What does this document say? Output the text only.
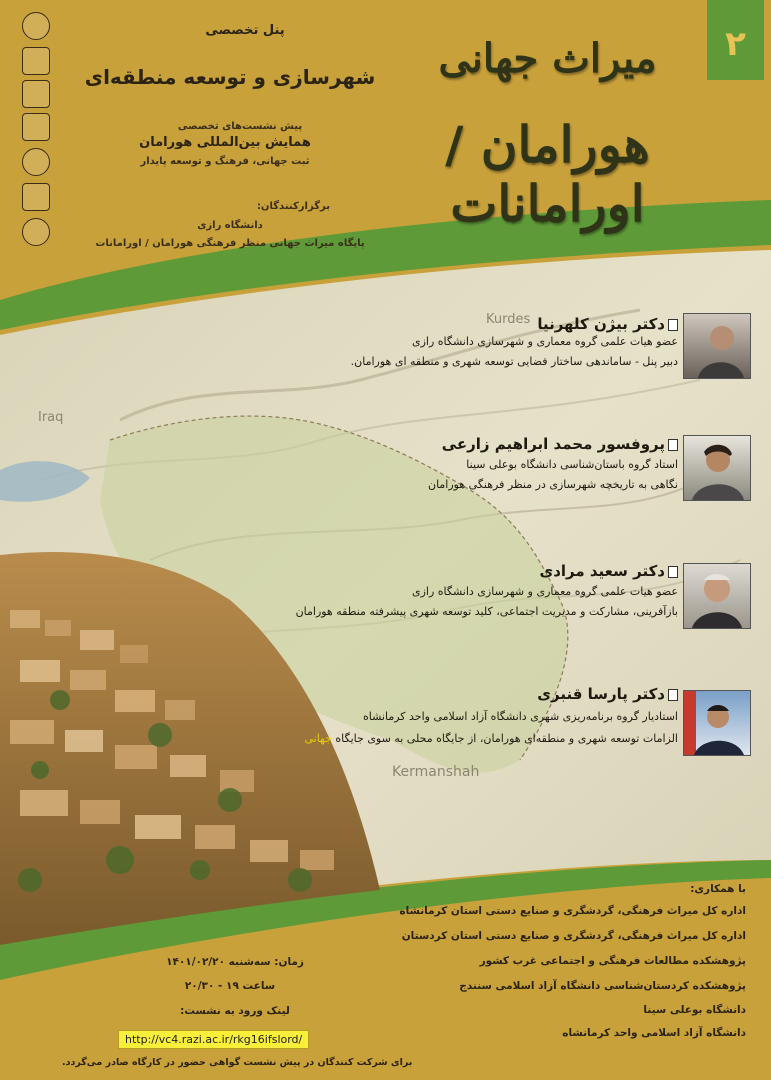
۲
میراث جهانی
هورامان / اورامانات
پنل تخصصی
شهرسازی و توسعه منطقه‌ای
پیش نشست‌های تخصصی
همایش بین‌المللی هورامان
ثبت جهانی، فرهنگ و توسعه پایدار
برگزارکنندگان:
دانشگاه رازی
پایگاه میراث جهانی منظر فرهنگی هورامان / اورامانات
Iraq
Kurdes
Kermanshah
دکتر بیژن کلهرنیا
عضو هیات علمی گروه معماری و شهرسازی دانشگاه رازی
دبیر پنل - ساماندهی ساختار فضایی توسعه شهری و منطقه ای هورامان.
پروفسور محمد ابراهیم زارعی
استاد گروه باستان‌شناسی دانشگاه بوعلی سینا
نگاهی به تاریخچه شهرسازی در منظر فرهنگی هورامان
دکتر سعید مرادی
عضو هیات علمی گروه معماری و شهرسازی دانشگاه رازی
بازآفرینی، مشارکت و مدیریت اجتماعی، کلید توسعه شهری پیشرفته منطقه هورامان
دکتر پارسا قنبری
استادیار گروه برنامه‌ریزی شهری دانشگاه آزاد اسلامی واحد کرمانشاه
الزامات توسعه شهری و منطقه‌ای هورامان، از جایگاه محلی به سوی جایگاه جهانی
با همکاری:
اداره کل میراث فرهنگی، گردشگری و صنایع دستی استان کرمانشاه
اداره کل میراث فرهنگی، گردشگری و صنایع دستی استان کردستان
پژوهشکده مطالعات فرهنگی و اجتماعی غرب کشور
پژوهشکده کردستان‌شناسی دانشگاه آزاد اسلامی سنندج
دانشگاه بوعلی سینا
دانشگاه آزاد اسلامی واحد کرمانشاه
زمان: سه‌شنبه ۱۴۰۱/۰۲/۲۰
ساعت ۱۹ - ۲۰/۳۰
لینک ورود به نشست:
http://vc4.razi.ac.ir/rkg16ifslord/
برای شرکت کنندگان در پیش نشست گواهی حضور در کارگاه صادر می‌گردد.
